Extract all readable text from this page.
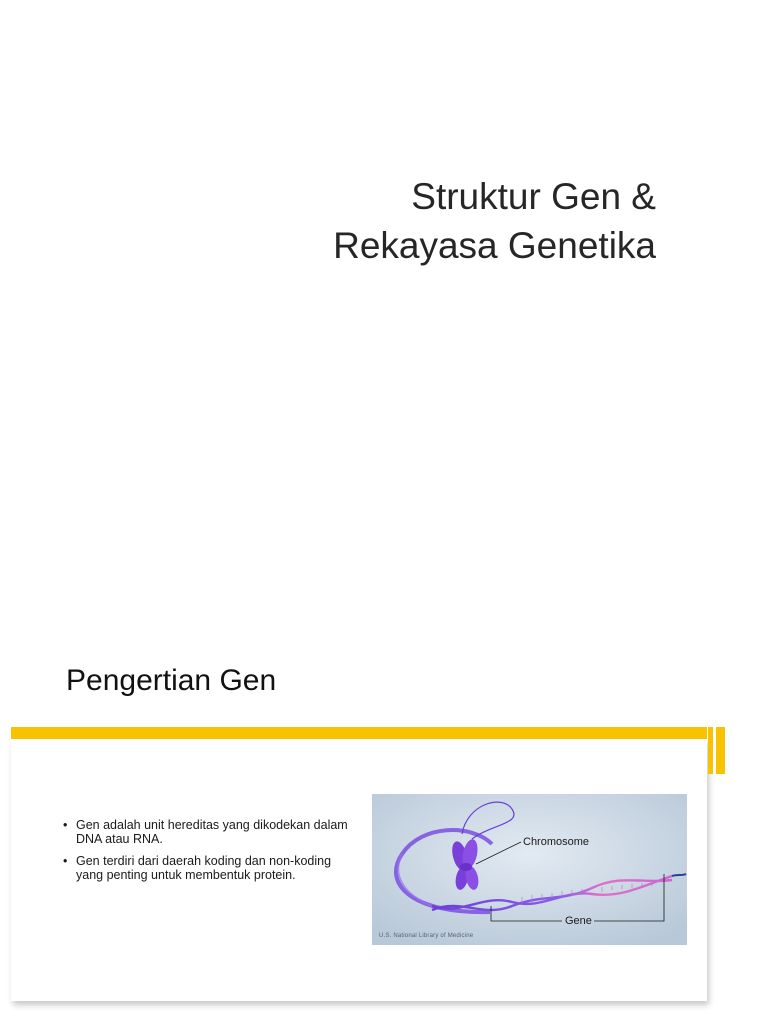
Struktur Gen &
Rekayasa Genetika
Pengertian Gen
• Gen adalah unit hereditas yang dikodekan dalam DNA atau RNA.
• Gen terdiri dari daerah koding dan non-koding yang penting untuk membentuk protein.
Chromosome
Gene
U.S. National Library of Medicine
